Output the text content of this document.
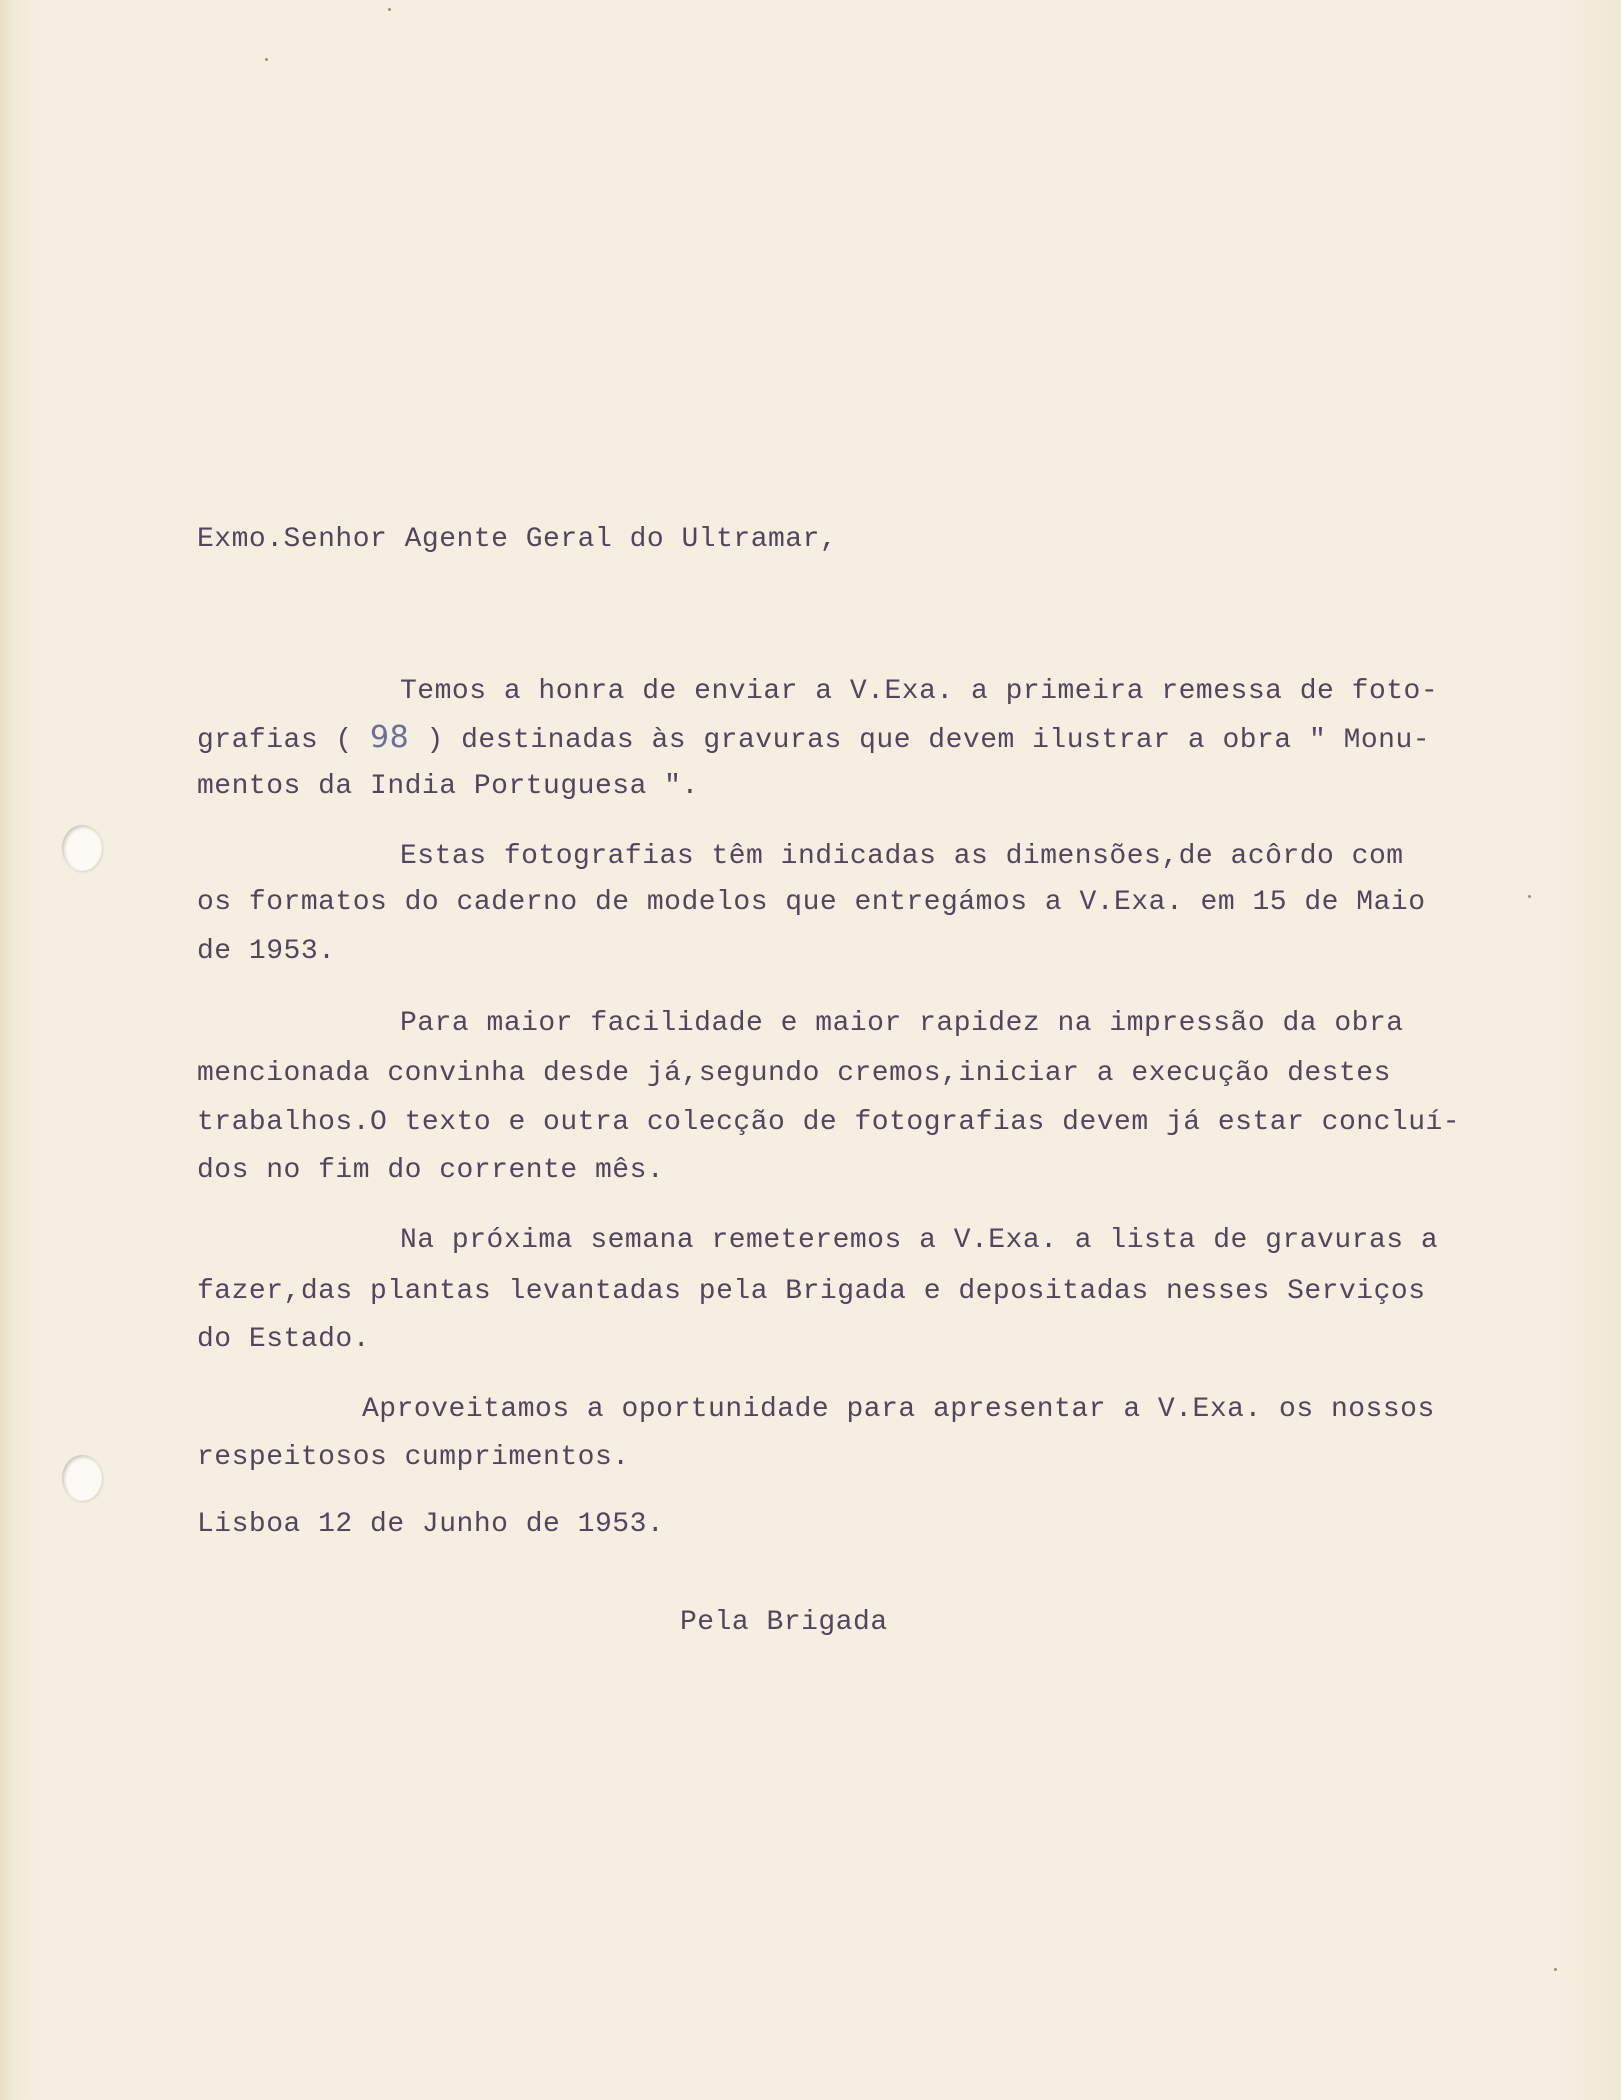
Exmo.Senhor Agente Geral do Ultramar,
Temos a honra de enviar a V.Exa. a primeira remessa de foto-
grafias ( 98 ) destinadas às gravuras que devem ilustrar a obra " Monu-
mentos da India Portuguesa ".
Estas fotografias têm indicadas as dimensões,de acôrdo com
os formatos do caderno de modelos que entregámos a V.Exa. em 15 de Maio
de 1953.
Para maior facilidade e maior rapidez na impressão da obra
mencionada convinha desde já,segundo cremos,iniciar a execução destes
trabalhos.O texto e outra colecção de fotografias devem já estar concluí-
dos no fim do corrente mês.
Na próxima semana remeteremos a V.Exa. a lista de gravuras a
fazer,das plantas levantadas pela Brigada e depositadas nesses Serviços
do Estado.
Aproveitamos a oportunidade para apresentar a V.Exa. os nossos
respeitosos cumprimentos.
Lisboa 12 de Junho de 1953.
Pela Brigada
